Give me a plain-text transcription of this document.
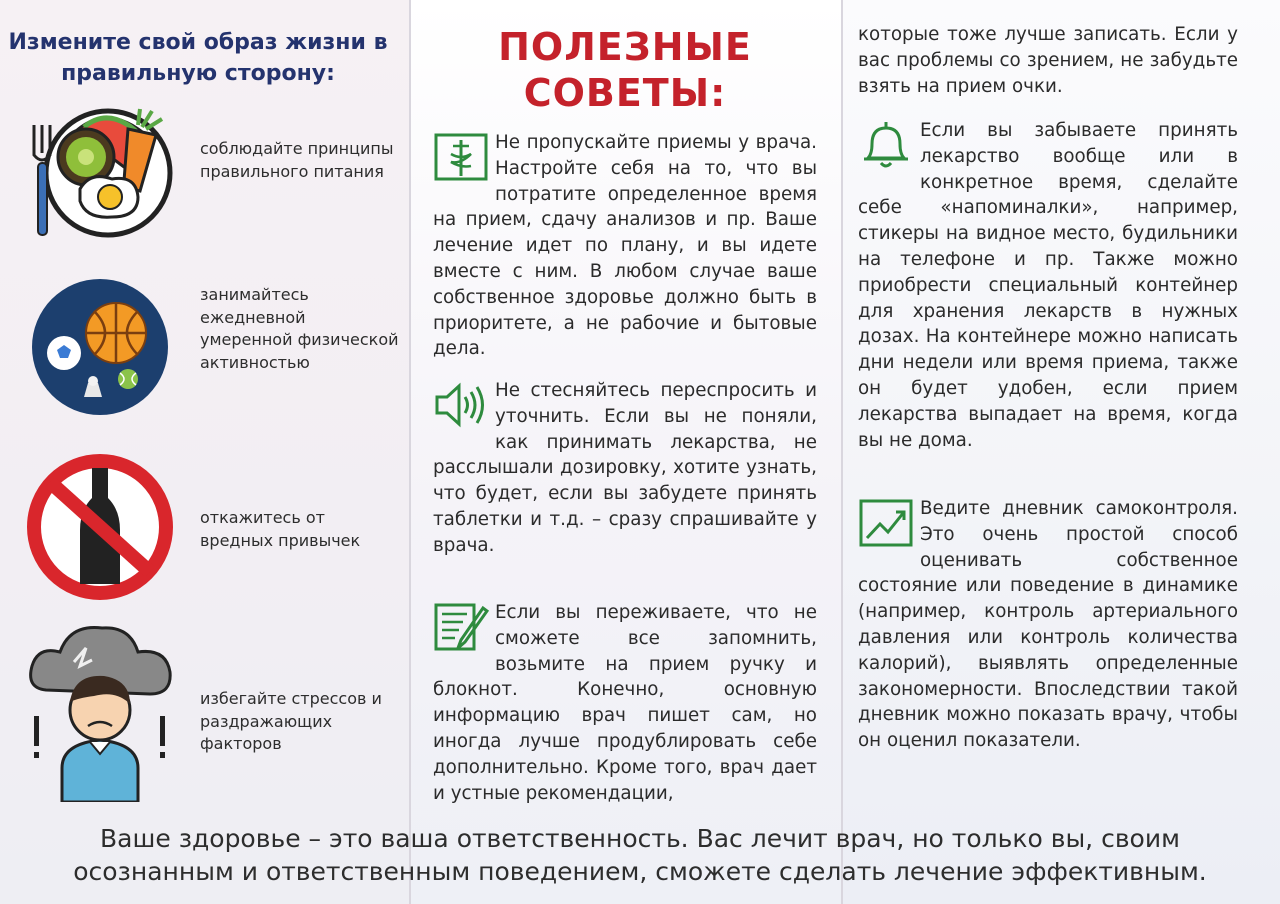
Измените свой образ жизни в правильную сторону:
соблюдайте принципы правильного питания
занимайтесь ежедневной умеренной физической активностью
откажитесь от вредных привычек
избегайте стрессов и раздражающих факторов
ПОЛЕЗНЫЕ СОВЕТЫ:
Не пропускайте приемы у врача. Настройте себя на то, что вы потратите определенное время на прием, сдачу анализов и пр. Ваше лечение идет по плану, и вы идете вместе с ним. В любом случае ваше собственное здоровье должно быть в приоритете, а не рабочие и бытовые дела.
Не стесняйтесь переспросить и уточнить. Если вы не поняли, как принимать лекарства, не расслышали дозировку, хотите узнать, что будет, если вы забудете принять таблетки и т.д. – сразу спрашивайте у врача.
Если вы переживаете, что не сможете все запомнить, возьмите на прием ручку и блокнот. Конечно, основную информацию врач пишет сам, но иногда лучше продублировать себе дополнительно. Кроме того, врач дает и устные рекомендации,
которые тоже лучше записать. Если у вас проблемы со зрением, не забудьте взять на прием очки.
Если вы забываете принять лекарство вообще или в конкретное время, сделайте себе «напоминалки», например, стикеры на видное место, будильники на телефоне и пр. Также можно приобрести специальный контейнер для хранения лекарств в нужных дозах. На контейнере можно написать дни недели или время приема, также он будет удобен, если прием лекарства выпадает на время, когда вы не дома.
Ведите дневник самоконтроля. Это очень простой способ оценивать собственное состояние или поведение в динамике (например, контроль артериального давления или контроль количества калорий), выявлять определенные закономерности. Впоследствии такой дневник можно показать врачу, чтобы он оценил показатели.
Ваше здоровье – это ваша ответственность. Вас лечит врач, но только вы, своим
осознанным и ответственным поведением, сможете сделать лечение эффективным.
